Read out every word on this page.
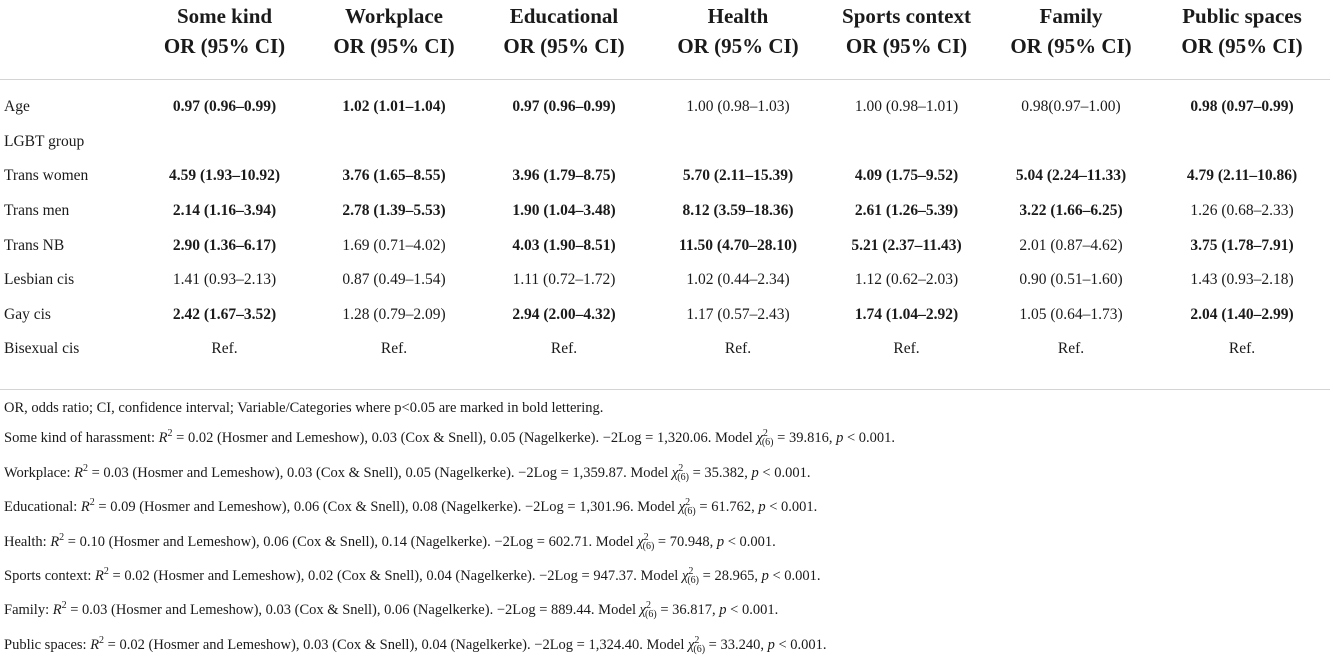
	Some kind	Workplace	Educational	Health	Sports context	Family	Public spaces
	OR (95% CI)	OR (95% CI)	OR (95% CI)	OR (95% CI)	OR (95% CI)	OR (95% CI)	OR (95% CI)
Age	0.97 (0.96–0.99)	1.02 (1.01–1.04)	0.97 (0.96–0.99)	1.00 (0.98–1.03)	1.00 (0.98–1.01)	0.98(0.97–1.00)	0.98 (0.97–0.99)
LGBT group							
Trans women	4.59 (1.93–10.92)	3.76 (1.65–8.55)	3.96 (1.79–8.75)	5.70 (2.11–15.39)	4.09 (1.75–9.52)	5.04 (2.24–11.33)	4.79 (2.11–10.86)
Trans men	2.14 (1.16–3.94)	2.78 (1.39–5.53)	1.90 (1.04–3.48)	8.12 (3.59–18.36)	2.61 (1.26–5.39)	3.22 (1.66–6.25)	1.26 (0.68–2.33)
Trans NB	2.90 (1.36–6.17)	1.69 (0.71–4.02)	4.03 (1.90–8.51)	11.50 (4.70–28.10)	5.21 (2.37–11.43)	2.01 (0.87–4.62)	3.75 (1.78–7.91)
Lesbian cis	1.41 (0.93–2.13)	0.87 (0.49–1.54)	1.11 (0.72–1.72)	1.02 (0.44–2.34)	1.12 (0.62–2.03)	0.90 (0.51–1.60)	1.43 (0.93–2.18)
Gay cis	2.42 (1.67–3.52)	1.28 (0.79–2.09)	2.94 (2.00–4.32)	1.17 (0.57–2.43)	1.74 (1.04–2.92)	1.05 (0.64–1.73)	2.04 (1.40–2.99)
Bisexual cis	Ref.	Ref.	Ref.	Ref.	Ref.	Ref.	Ref.
OR, odds ratio; CI, confidence interval; Variable/Categories where p<0.05 are marked in bold lettering.
Some kind of harassment: $R^2 = 0.02$ (Hosmer and Lemeshow), 0.03 (Cox & Snell), 0.05 (Nagelkerke). −2Log = 1,320.06. Model $\chi^2_{(6)} = 39.816$, p < 0.001.
Workplace: $R^2 = 0.03$ (Hosmer and Lemeshow), 0.03 (Cox & Snell), 0.05 (Nagelkerke). −2Log = 1,359.87. Model $\chi^2_{(6)} = 35.382$, p < 0.001.
Educational: $R^2 = 0.09$ (Hosmer and Lemeshow), 0.06 (Cox & Snell), 0.08 (Nagelkerke). −2Log = 1,301.96. Model $\chi^2_{(6)} = 61.762$, p < 0.001.
Health: $R^2 = 0.10$ (Hosmer and Lemeshow), 0.06 (Cox & Snell), 0.14 (Nagelkerke). −2Log = 602.71. Model $\chi^2_{(6)} = 70.948$, p < 0.001.
Sports context: $R^2 = 0.02$ (Hosmer and Lemeshow), 0.02 (Cox & Snell), 0.04 (Nagelkerke). −2Log = 947.37. Model $\chi^2_{(6)} = 28.965$, p < 0.001.
Family: $R^2 = 0.03$ (Hosmer and Lemeshow), 0.03 (Cox & Snell), 0.06 (Nagelkerke). −2Log = 889.44. Model $\chi^2_{(6)} = 36.817$, p < 0.001.
Public spaces: $R^2 = 0.02$ (Hosmer and Lemeshow), 0.03 (Cox & Snell), 0.04 (Nagelkerke). −2Log = 1,324.40. Model $\chi^2_{(6)} = 33.240$, p < 0.001.
